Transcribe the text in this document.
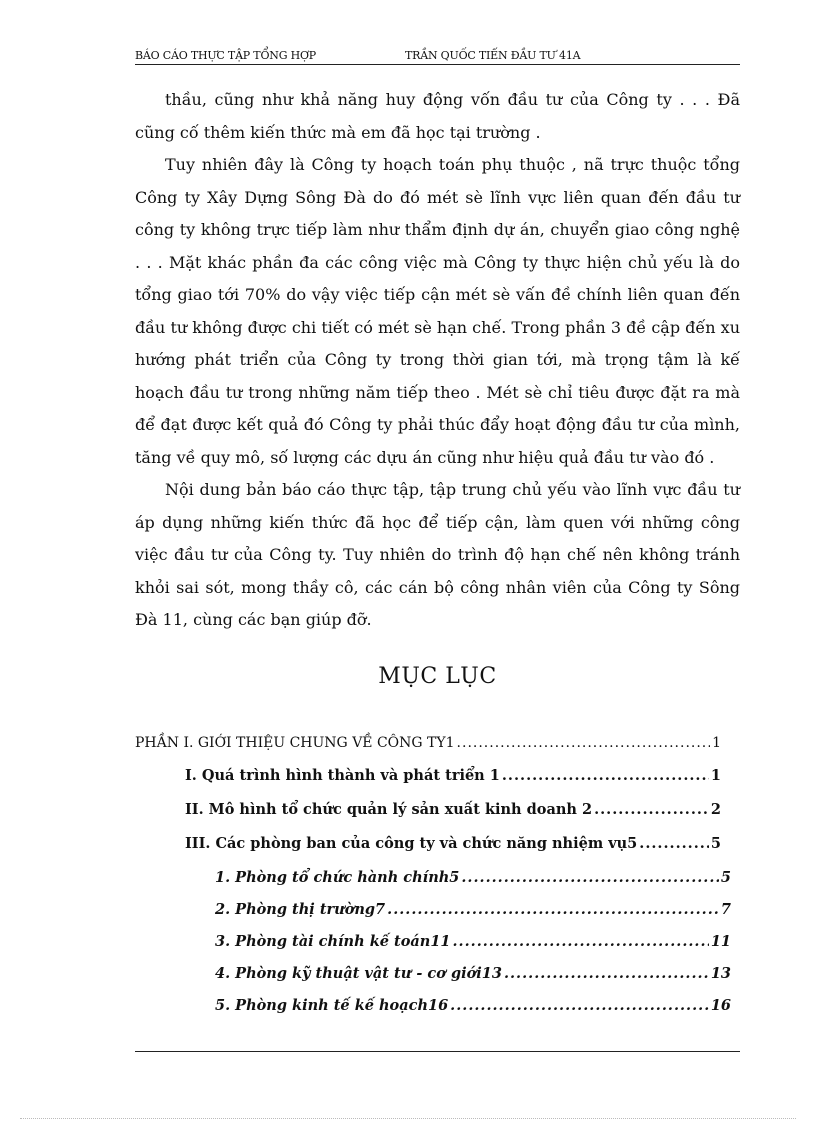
BÁO CÁO THỰC TẬP TỔNG HỢP	TRẦN QUỐC TIẾN ĐẦU TƯ 41A

thầu, cũng như khả năng huy động vốn đầu tư của Công ty . . . Đã cũng cố thêm kiến thức mà em đã học tại trường .

Tuy nhiên đây là Công ty hoạch toán phụ thuộc , nã trực thuộc tổng Công ty Xây Dựng Sông Đà do đó mét sè lĩnh vực liên quan đến đầu tư công ty không trực tiếp làm như thẩm định dự án, chuyển giao công nghệ . . . Mặt khác phần đa các công việc mà Công ty thực hiện chủ yếu là do tổng giao tới 70% do vậy việc tiếp cận mét sè vấn đề chính liên quan đến đầu tư không được chi tiết có mét sè hạn chế. Trong phần 3 đề cập đến xu hướng phát triển của Công ty trong thời gian tới, mà trọng tậm là kế hoạch đầu tư trong những năm tiếp theo . Mét sè chỉ tiêu được đặt ra mà để đạt được kết quả đó Công ty phải thúc đẩy hoạt động đầu tư của mình, tăng về quy mô, số lượng các dựu án cũng như hiệu quả đầu tư vào đó .

Nội dung bản báo cáo thực tập, tập trung chủ yếu vào lĩnh vực đầu tư áp dụng những kiến thức đã học để tiếp cận, làm quen với những công việc đầu tư của Công ty. Tuy nhiên do trình độ hạn chế nên không tránh khỏi sai sót, mong thầy cô, các cán bộ công nhân viên của Công ty Sông Đà 11, cùng các bạn giúp đỡ.

MỤC LỤC
PHẦN I. GIỚI THIỆU CHUNG VỀ CÔNG TY1 .....	1
I. Quá trình hình thành và phát triển 1 .....	1
II. Mô hình tổ chức quản lý sản xuất kinh doanh 2 .....	2
III. Các phòng ban của công ty và chức năng nhiệm vụ5 .....	5
1. Phòng tổ chức hành chính5 .....	5
2. Phòng thị trường7 .....	7
3. Phòng tài chính kế toán11 .....	11
4. Phòng kỹ thuật vật tư - cơ giới13 .....	13
5. Phòng kinh tế kế hoạch16 .....	16
